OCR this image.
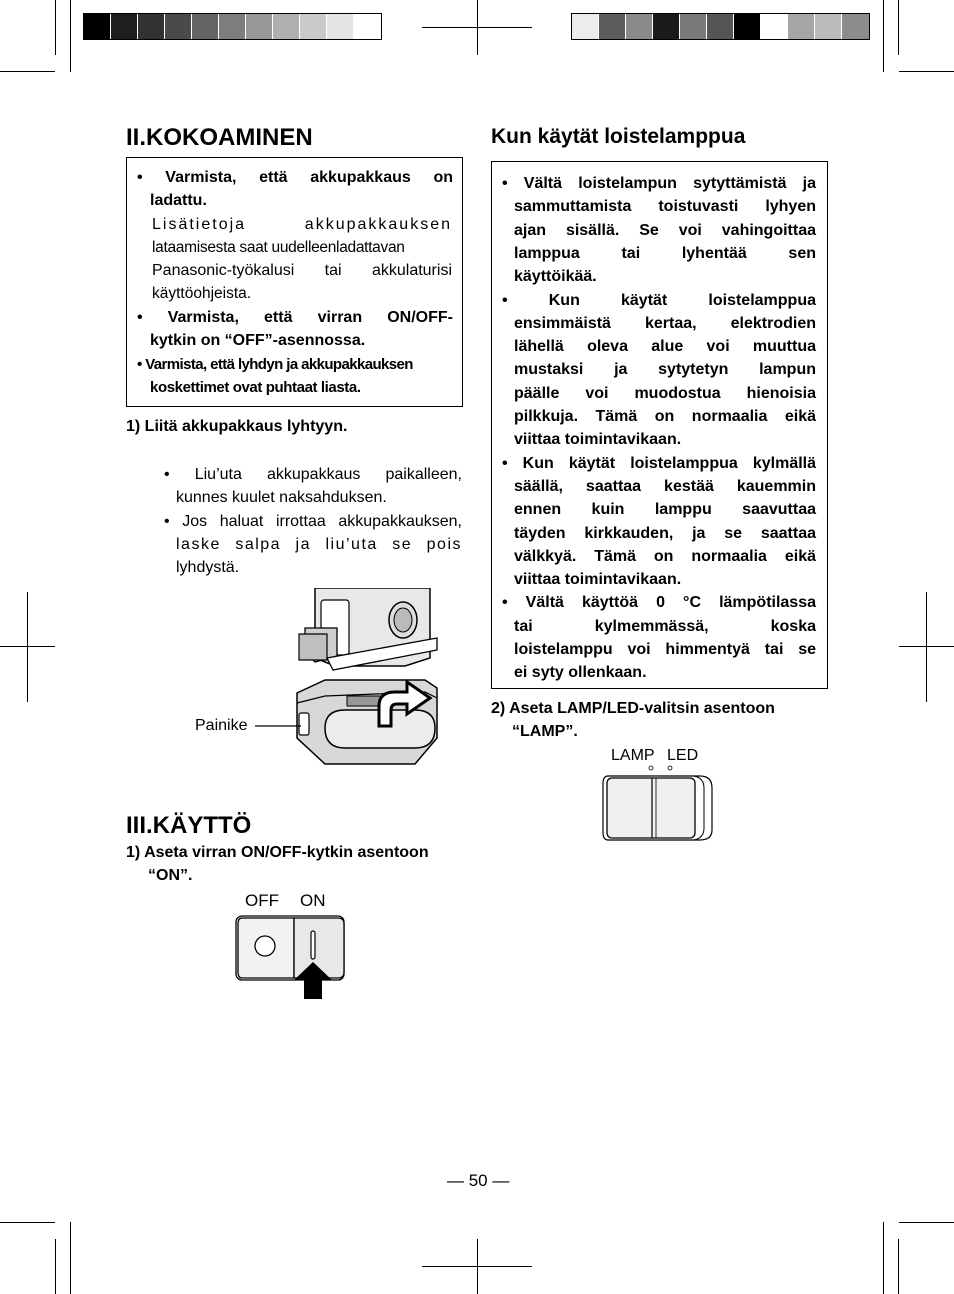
II.KOKOAMINEN
• Varmista, että akkupakkaus on
ladattu.
Lisätietoja akkupakkauksen
lataamisesta saat uudelleenladattavan
Panasonic-työkalusi tai akkulaturisi
käyttöohjeista.
• Varmista, että virran ON/OFF-
kytkin on “OFF”-asennossa.
• Varmista, että lyhdyn ja akkupakkauksen
koskettimet ovat puhtaat liasta.
1) Liitä akkupakkaus lyhtyyn.
• Liu’uta akkupakkaus paikalleen,
kunnes kuulet naksahduksen.
• Jos haluat irrottaa akkupakkauksen,
laske salpa ja liu’uta se pois
lyhdystä.
Painike
III.KÄYTTÖ
1) Aseta virran ON/OFF-kytkin asentoon
“ON”.
OFF ON
Kun käytät loistelamppua
• Vältä loistelampun sytyttämistä ja
sammuttamista toistuvasti lyhyen
ajan sisällä. Se voi vahingoittaa
lamppua tai lyhentää sen
käyttöikää.
• Kun käytät loistelamppua
ensimmäistä kertaa, elektrodien
lähellä oleva alue voi muuttua
mustaksi ja sytytetyn lampun
päälle voi muodostua hienoisia
pilkkuja. Tämä on normaalia eikä
viittaa toimintavikaan.
• Kun käytät loistelamppua kylmällä
säällä, saattaa kestää kauemmin
ennen kuin lamppu saavuttaa
täyden kirkkauden, ja se saattaa
välkkyä. Tämä on normaalia eikä
viittaa toimintavikaan.
• Vältä käyttöä 0 °C lämpötilassa
tai kylmemmässä, koska
loistelamppu voi himmentyä tai se
ei syty ollenkaan.
2) Aseta LAMP/LED-valitsin asentoon
“LAMP”.
LAMP LED
— 50 —
